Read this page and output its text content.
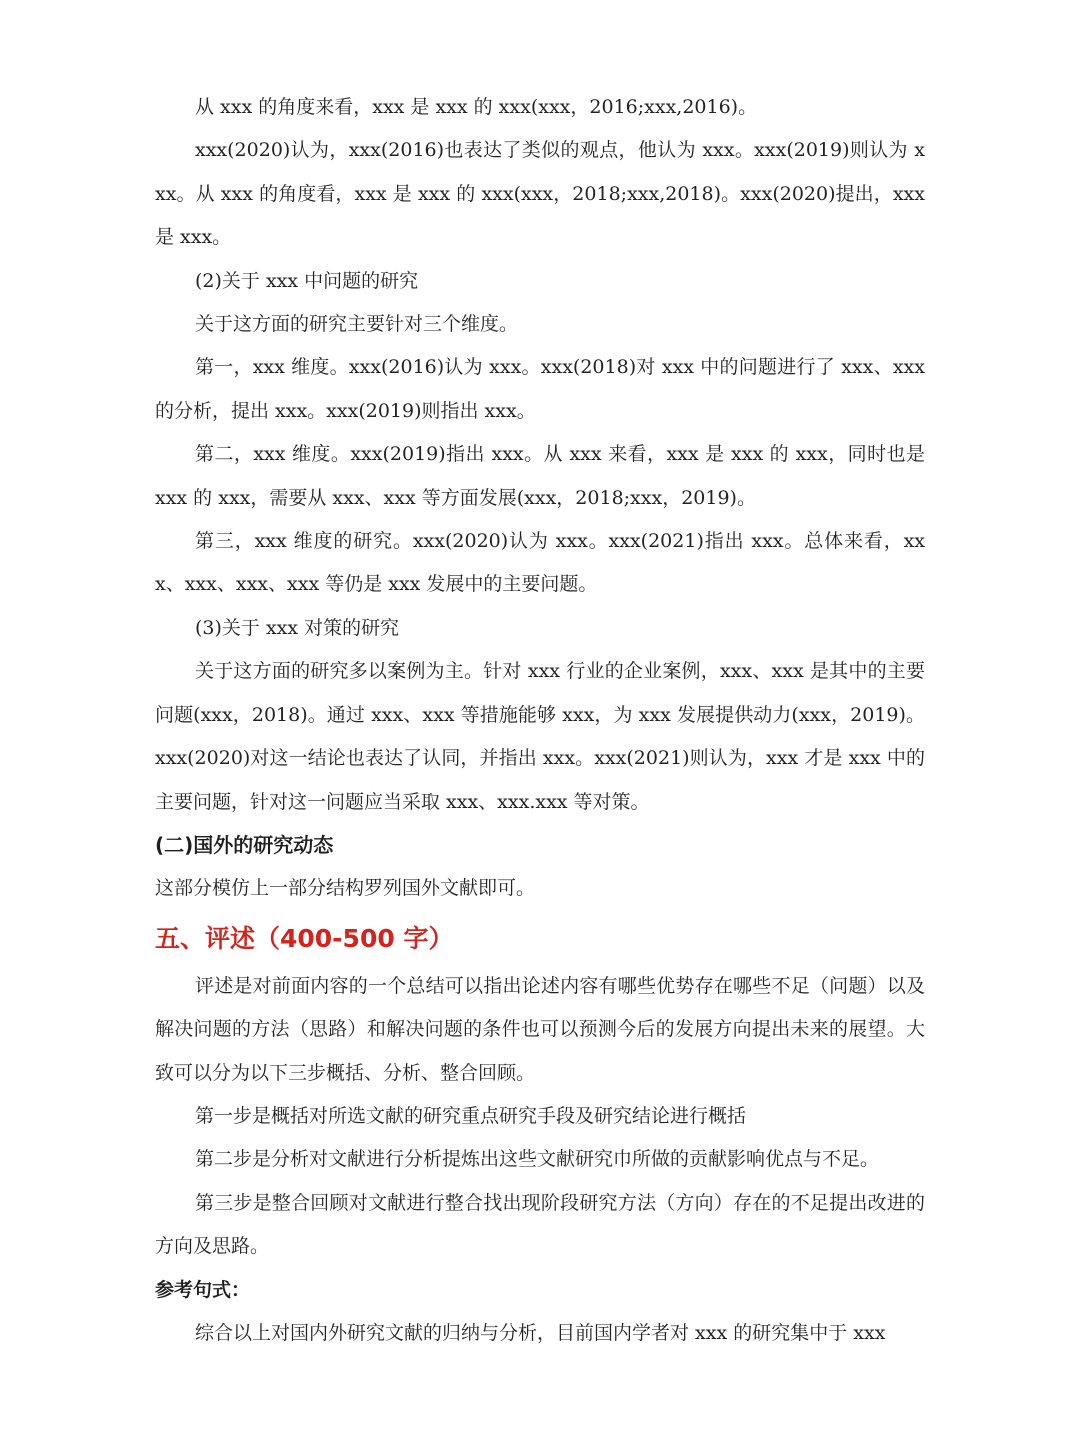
从 xxx 的角度来看，xxx 是 xxx 的 xxx(xxx，2016;xxx,2016)。

xxx(2020)认为，xxx(2016)也表达了类似的观点，他认为 xxx。xxx(2019)则认为 xxx。从 xxx 的角度看，xxx 是 xxx 的 xxx(xxx，2018;xxx,2018)。xxx(2020)提出，xxx 是 xxx。

(2)关于 xxx 中问题的研究

关于这方面的研究主要针对三个维度。

第一，xxx 维度。xxx(2016)认为 xxx。xxx(2018)对 xxx 中的问题进行了 xxx、xxx 的分析，提出 xxx。xxx(2019)则指出 xxx。

第二，xxx 维度。xxx(2019)指出 xxx。从 xxx 来看，xxx 是 xxx 的 xxx，同时也是 xxx 的 xxx，需要从 xxx、xxx 等方面发展(xxx，2018;xxx，2019)。

第三，xxx 维度的研究。xxx(2020)认为 xxx。xxx(2021)指出 xxx。总体来看，xxx、xxx、xxx、xxx 等仍是 xxx 发展中的主要问题。

(3)关于 xxx 对策的研究

关于这方面的研究多以案例为主。针对 xxx 行业的企业案例，xxx、xxx 是其中的主要问题(xxx，2018)。通过 xxx、xxx 等措施能够 xxx，为 xxx 发展提供动力(xxx，2019)。xxx(2020)对这一结论也表达了认同，并指出 xxx。xxx(2021)则认为，xxx 才是 xxx 中的主要问题，针对这一问题应当采取 xxx、xxx.xxx 等对策。

(二)国外的研究动态

这部分模仿上一部分结构罗列国外文献即可。

五、评述（400-500 字）

评述是对前面内容的一个总结可以指出论述内容有哪些优势存在哪些不足（问题）以及解决问题的方法（思路）和解决问题的条件也可以预测今后的发展方向提出未来的展望。大致可以分为以下三步概括、分析、整合回顾。

第一步是概括对所选文献的研究重点研究手段及研究结论进行概括

第二步是分析对文献进行分析提炼出这些文献研究巾所做的贡献影响优点与不足。

第三步是整合回顾对文献进行整合找出现阶段研究方法（方向）存在的不足提出改进的方向及思路。

参考句式：

综合以上对国内外研究文献的归纳与分析，目前国内学者对 xxx 的研究集中于 xxx
